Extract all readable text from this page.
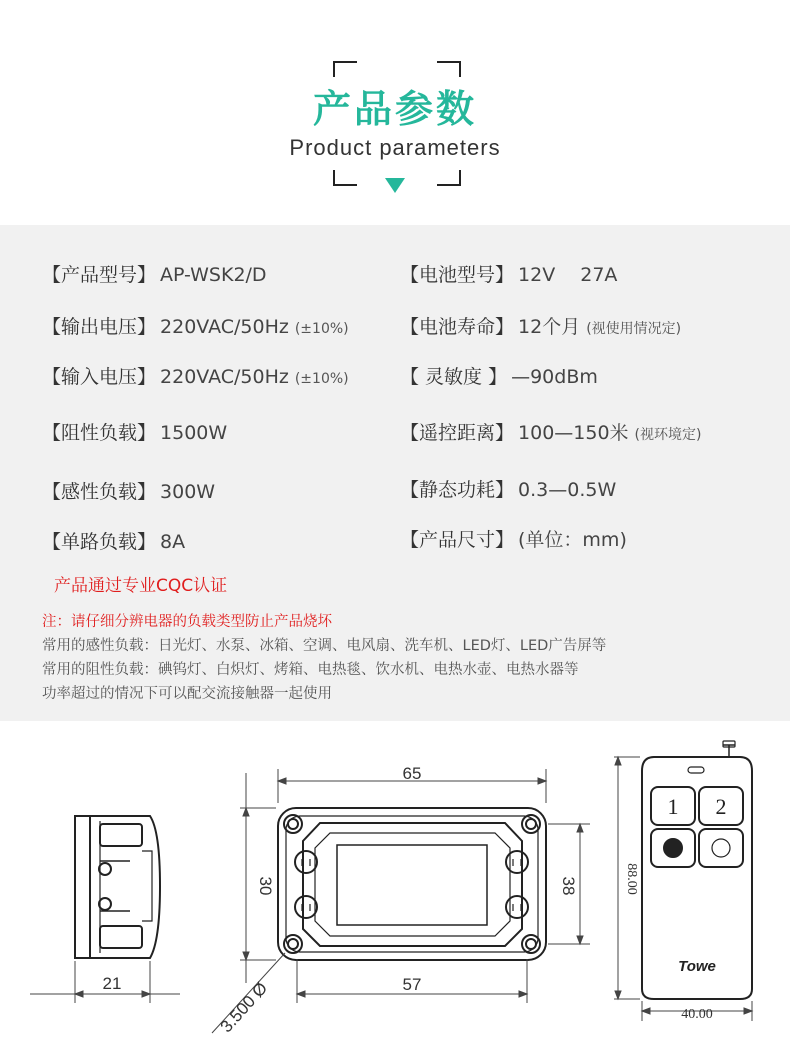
产品参数
Product parameters
【产品型号】 AP-WSK2/D
【输出电压】 220VAC/50Hz (±10%)
【输入电压】 220VAC/50Hz (±10%)
【阻性负载】 1500W
【感性负载】 300W
【单路负载】 8A
【电池型号】 12V　 27A
【电池寿命】 12个月 (视使用情况定)
【 灵敏度 】 —90dBm
【遥控距离】 100—150米 (视环境定)
【静态功耗】 0.3—0.5W
【产品尺寸】 (单位：mm)
产品通过专业CQC认证
注：请仔细分辨电器的负载类型防止产品烧坏
常用的感性负载：日光灯、水泵、冰箱、空调、电风扇、洗车机、LED灯、LED广告屏等
常用的阻性负载：碘钨灯、白炽灯、烤箱、电热毯、饮水机、电热水壶、电热水器等
功率超过的情况下可以配交流接触器一起使用
21
65
57
30	38
3.500 Ø
1 2
Towe
88.00
40.00
